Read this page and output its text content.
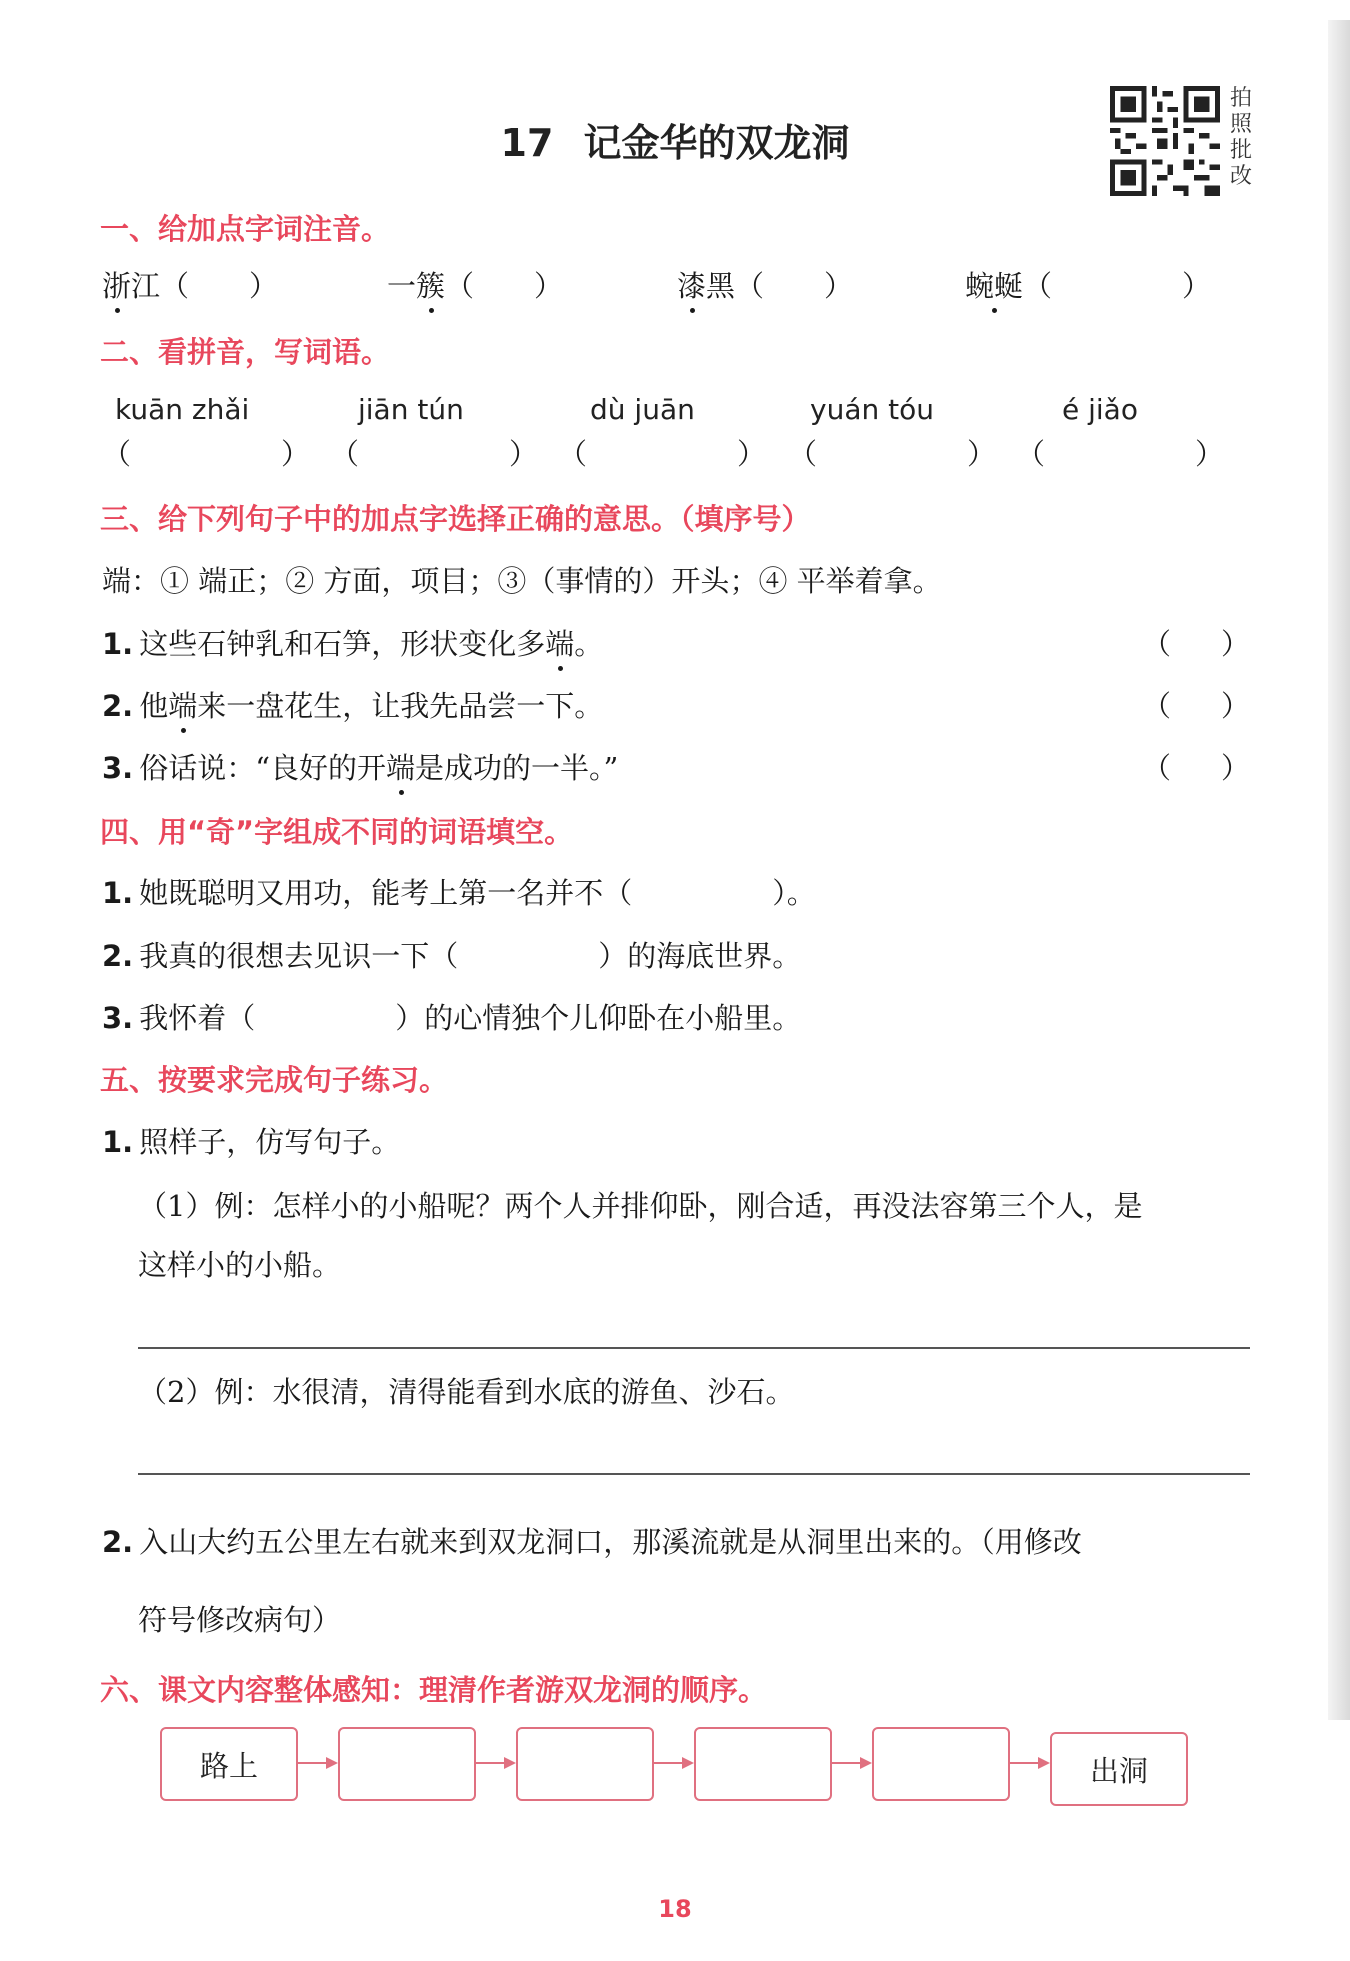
17 记金华的双龙洞
拍
照
批
改
一、给加点字词注音。
浙江（ ）	一簇（ ）	漆黑（ ）	蜿蜒（	）
二、看拼音，写词语。
kuān zhǎi	jiān tún	dù juān	yuán tóu	é jiǎo
（	） （	） （	） （	） （	）
三、给下列句子中的加点字选择正确的意思。（填序号）
端：① 端正；② 方面，项目；③（事情的）开头；④ 平举着拿。
1. 这些石钟乳和石笋，形状变化多端。	（ ）
2. 他端来一盘花生，让我先品尝一下。	（ ）
3. 俗话说：“良好的开端是成功的一半。”	（ ）
四、用“奇”字组成不同的词语填空。
1. 她既聪明又用功，能考上第一名并不（	）。
2. 我真的很想去见识一下（	）的海底世界。
3. 我怀着（	）的心情独个儿仰卧在小船里。
五、按要求完成句子练习。
1. 照样子，仿写句子。
（1）例：怎样小的小船呢？两个人并排仰卧，刚合适，再没法容第三个人，是
这样小的小船。
（2）例：水很清，清得能看到水底的游鱼、沙石。
2. 入山大约五公里左右就来到双龙洞口，那溪流就是从洞里出来的。（用修改
符号修改病句）
六、课文内容整体感知：理清作者游双龙洞的顺序。
路上	出洞
18
